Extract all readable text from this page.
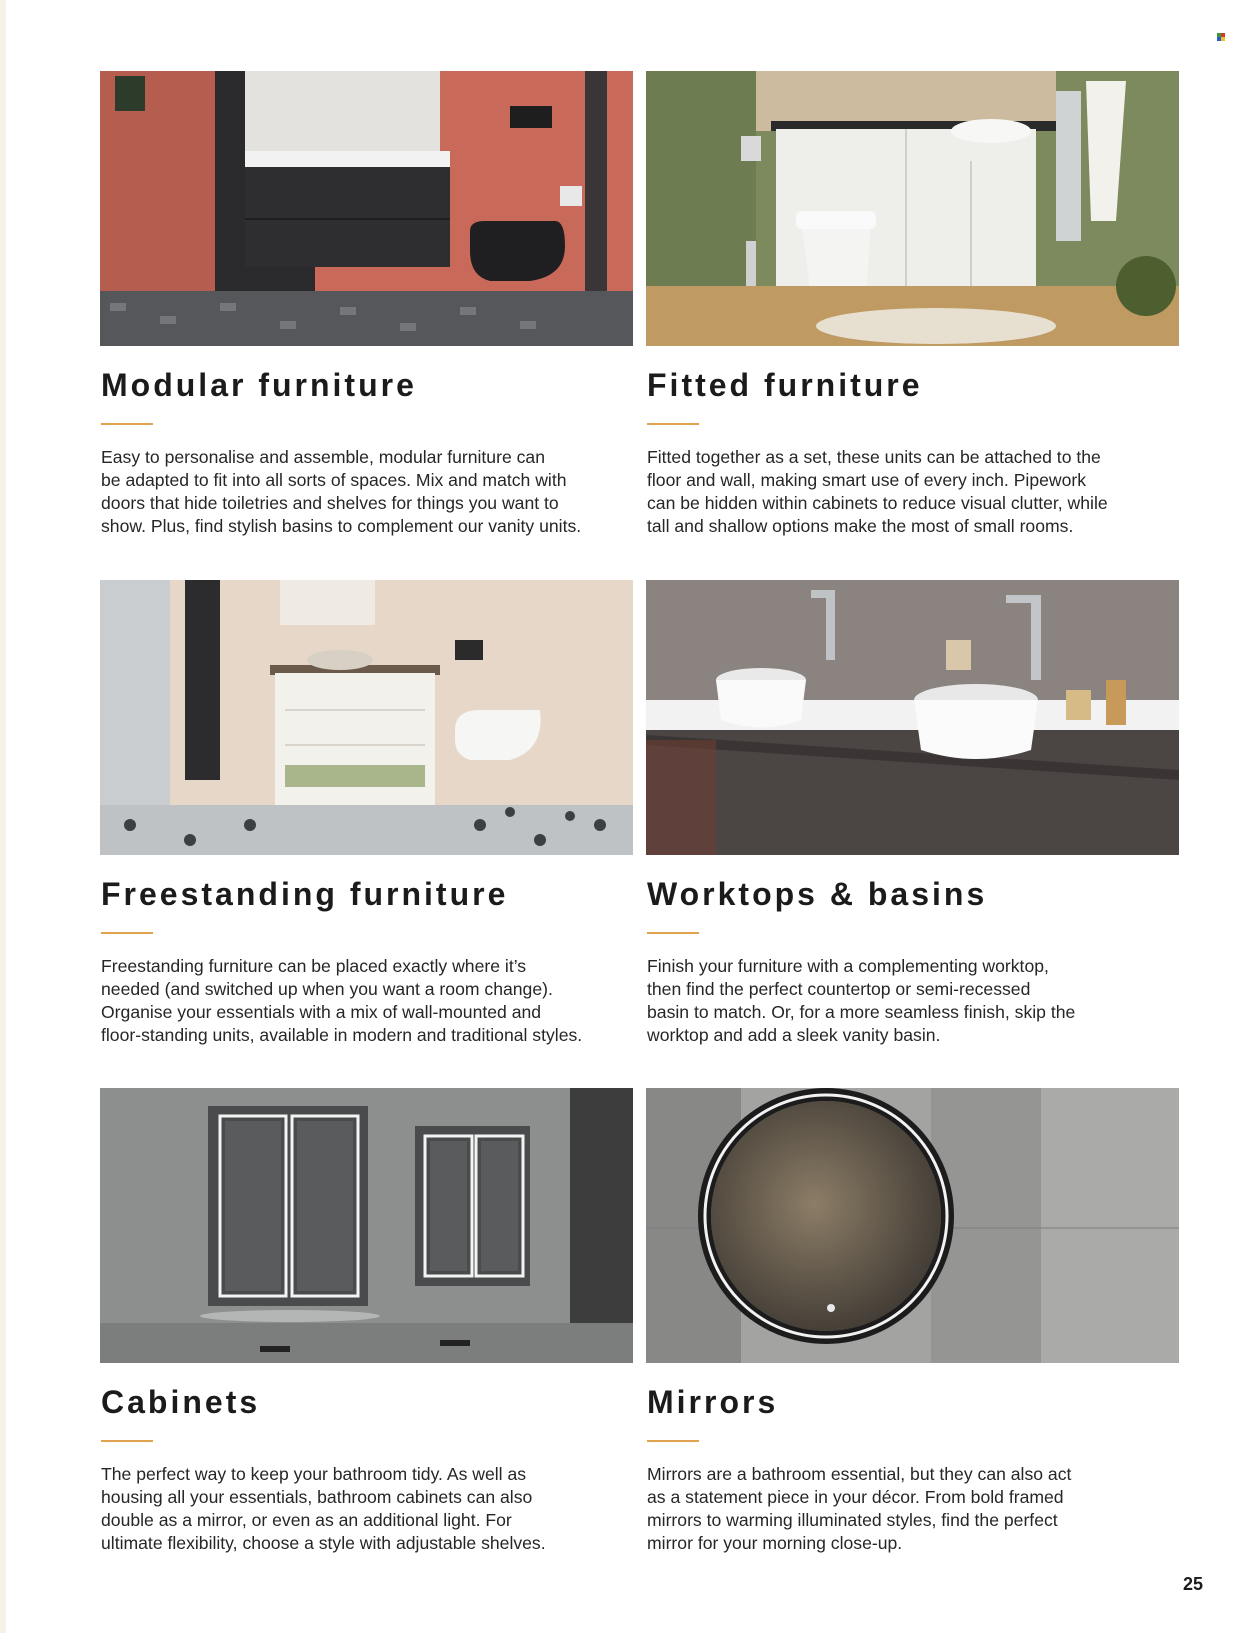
Modular furniture
Easy to personalise and assemble, modular furniture can
be adapted to fit into all sorts of spaces. Mix and match with
doors that hide toiletries and shelves for things you want to
show. Plus, find stylish basins to complement our vanity units.
Fitted furniture
Fitted together as a set, these units can be attached to the
floor and wall, making smart use of every inch. Pipework
can be hidden within cabinets to reduce visual clutter, while
tall and shallow options make the most of small rooms.
Freestanding furniture
Freestanding furniture can be placed exactly where it’s
needed (and switched up when you want a room change).
Organise your essentials with a mix of wall-mounted and
floor-standing units, available in modern and traditional styles.
Worktops & basins
Finish your furniture with a complementing worktop,
then find the perfect countertop or semi-recessed
basin to match. Or, for a more seamless finish, skip the
worktop and add a sleek vanity basin.
Cabinets
The perfect way to keep your bathroom tidy. As well as
housing all your essentials, bathroom cabinets can also
double as a mirror, or even as an additional light. For
ultimate flexibility, choose a style with adjustable shelves.
Mirrors
Mirrors are a bathroom essential, but they can also act
as a statement piece in your décor. From bold framed
mirrors to warming illuminated styles, find the perfect
mirror for your morning close-up.
25
